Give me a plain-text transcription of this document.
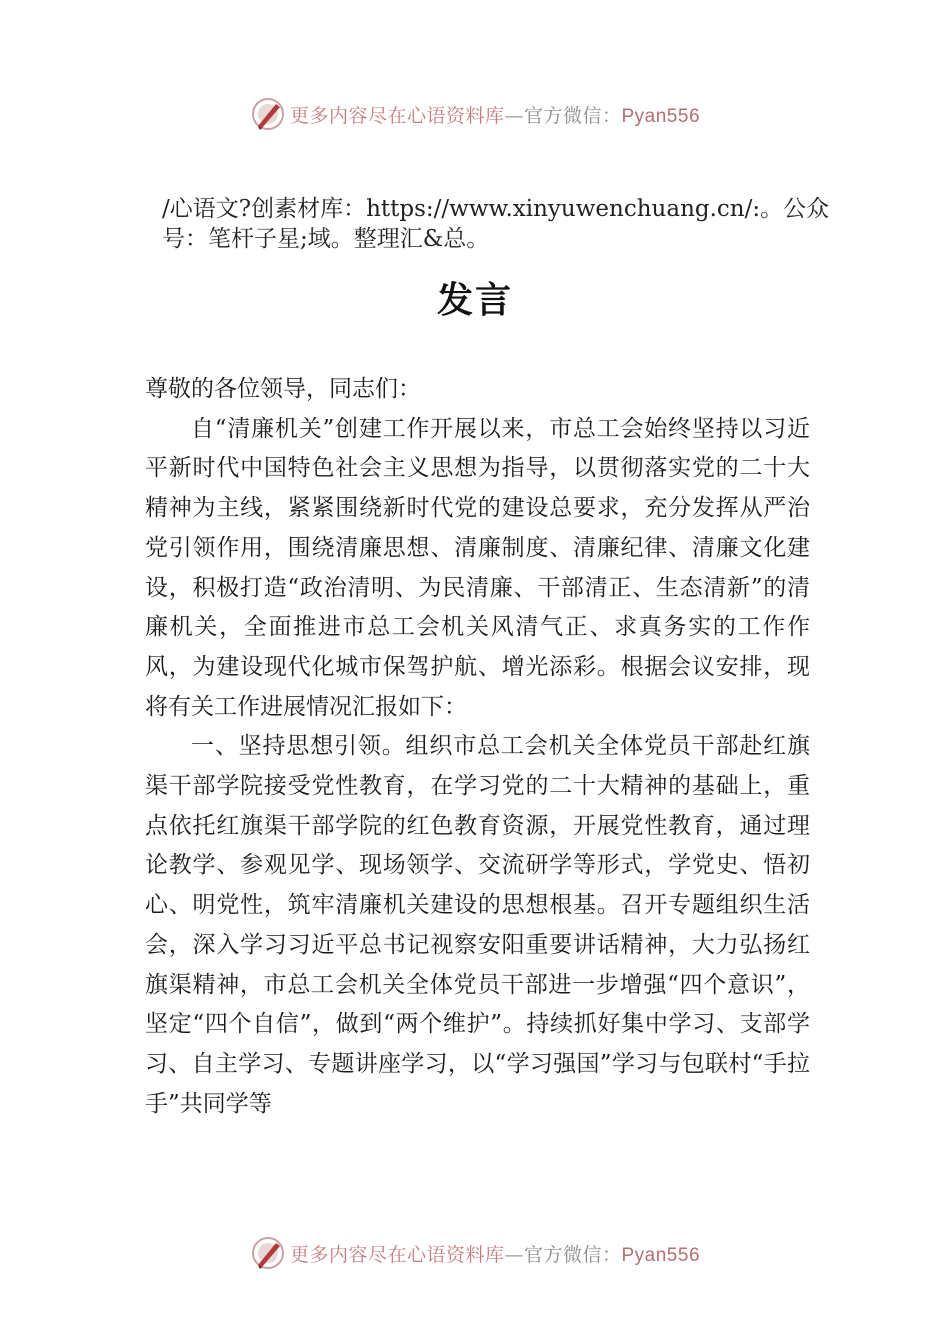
更多内容尽在心语资料库—官方微信：Pyan556
/心语文?创素材库：https://www.xinyuwenchuang.cn/:。公众号：笔杆子星;域。整理汇&总。
发言

尊敬的各位领导，同志们：

自“清廉机关”创建工作开展以来，市总工会始终坚持以习近平新时代中国特色社会主义思想为指导，以贯彻落实党的二十大精神为主线，紧紧围绕新时代党的建设总要求，充分发挥从严治党引领作用，围绕清廉思想、清廉制度、清廉纪律、清廉文化建设，积极打造“政治清明、为民清廉、干部清正、生态清新”的清廉机关，全面推进市总工会机关风清气正、求真务实的工作作风，为建设现代化城市保驾护航、增光添彩。根据会议安排，现将有关工作进展情况汇报如下：

一、坚持思想引领。组织市总工会机关全体党员干部赴红旗渠干部学院接受党性教育，在学习党的二十大精神的基础上，重点依托红旗渠干部学院的红色教育资源，开展党性教育，通过理论教学、参观见学、现场领学、交流研学等形式，学党史、悟初心、明党性，筑牢清廉机关建设的思想根基。召开专题组织生活会，深入学习习近平总书记视察安阳重要讲话精神，大力弘扬红旗渠精神，市总工会机关全体党员干部进一步增强“四个意识”，坚定“四个自信”，做到“两个维护”。持续抓好集中学习、支部学习、自主学习、专题讲座学习，以“学习强国”学习与包联村“手拉手”共同学等

更多内容尽在心语资料库—官方微信：Pyan556
